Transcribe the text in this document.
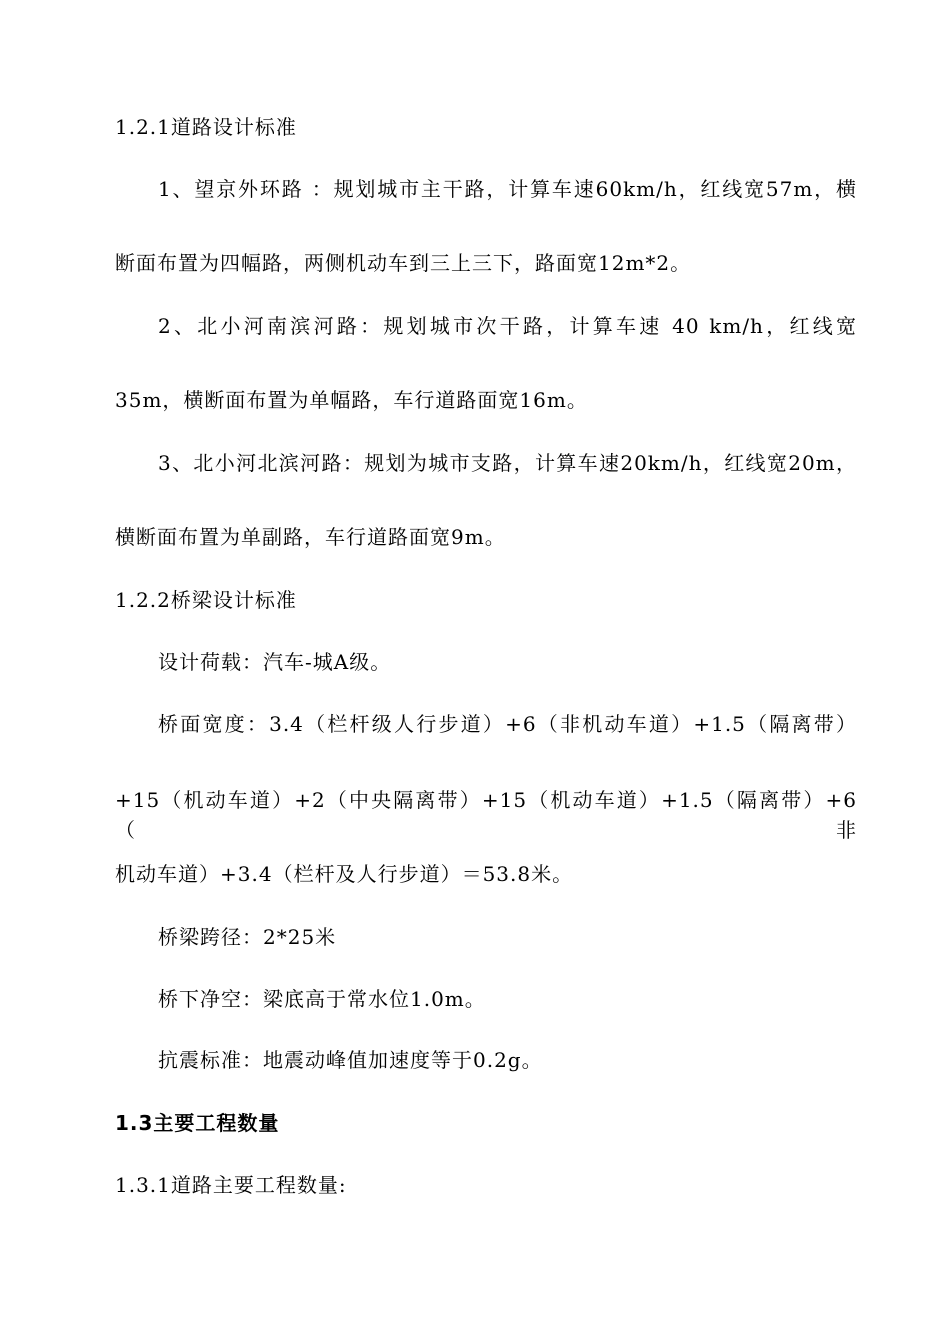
1.2.1道路设计标准
1、望京外环路 ：规划城市主干路，计算车速60km/h，红线宽57m，横
断面布置为四幅路，两侧机动车到三上三下，路面宽12m*2。
2、北小河南滨河路：规划城市次干路，计算车速 40 km/h，红线宽
35m，横断面布置为单幅路，车行道路面宽16m。
3、北小河北滨河路：规划为城市支路，计算车速20km/h，红线宽20m，
横断面布置为单副路，车行道路面宽9m。
1.2.2桥梁设计标准
设计荷载：汽车-城A级。
桥面宽度：3.4（栏杆级人行步道）+6（非机动车道）+1.5（隔离带）
+15（机动车道）+2（中央隔离带）+15（机动车道）+1.5（隔离带）+6（非
机动车道）+3.4（栏杆及人行步道）＝53.8米。
桥梁跨径：2*25米
桥下净空：梁底高于常水位1.0m。
抗震标准：地震动峰值加速度等于0.2g。
1.3主要工程数量
1.3.1道路主要工程数量:
